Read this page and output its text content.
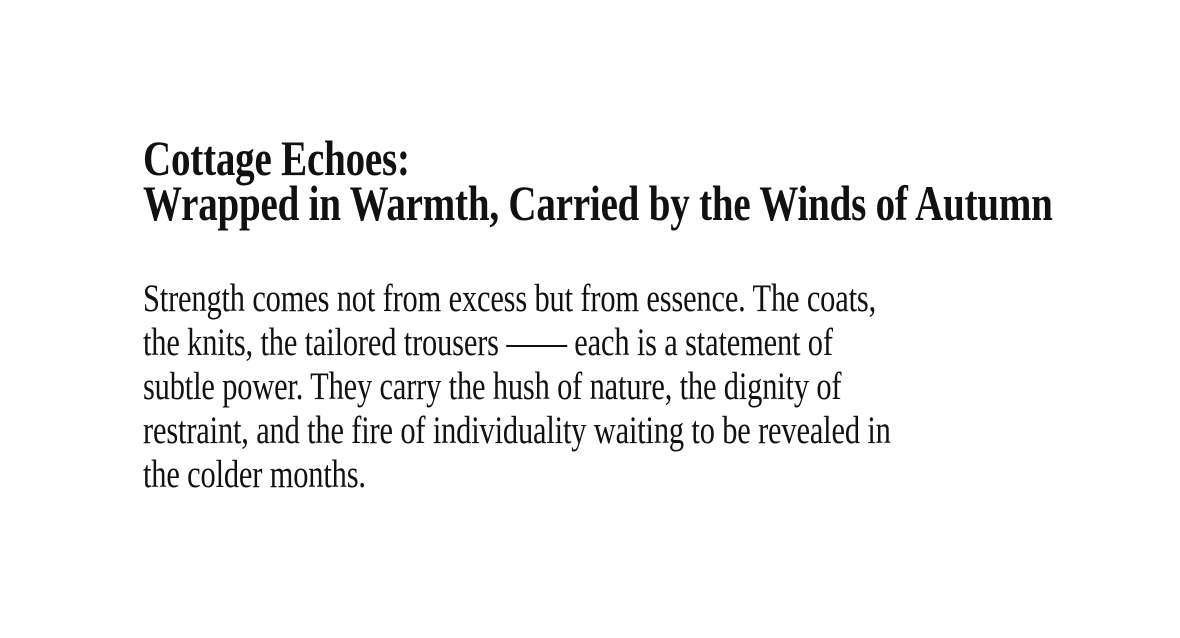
Cottage Echoes:
Wrapped in Warmth, Carried by the Winds of Autumn

Strength comes not from excess but from essence. The coats,
the knits, the tailored trousers —— each is a statement of
subtle power. They carry the hush of nature, the dignity of
restraint, and the fire of individuality waiting to be revealed in
the colder months.
